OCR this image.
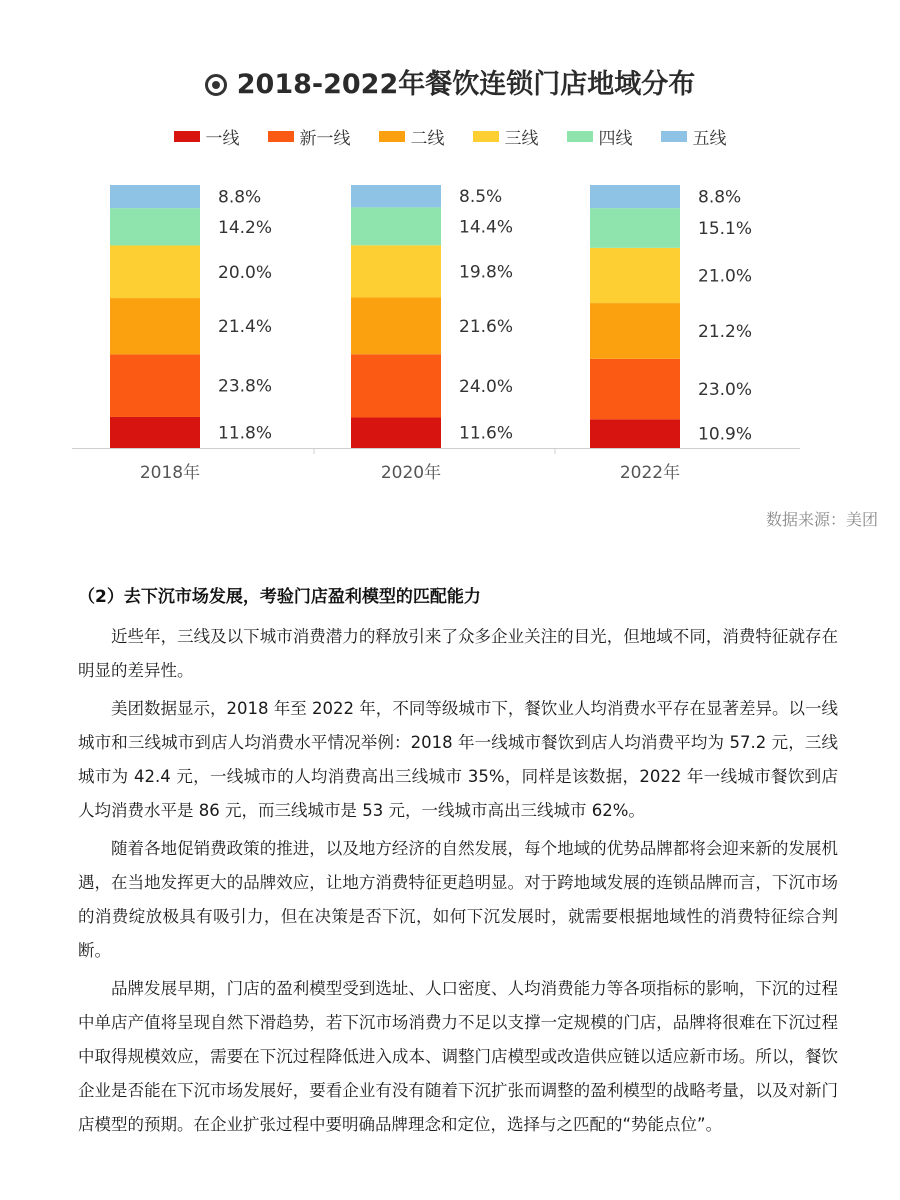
2018-2022年餐饮连锁门店地域分布
一线	新一线	二线	三线	四线	五线
11.8%
23.8%
21.4%
20.0%
14.2%
8.8%
2018年
11.6%
24.0%
21.6%
19.8%
14.4%
8.5%
2020年
10.9%
23.0%
21.2%
21.0%
15.1%
8.8%
2022年
数据来源：美团
（2）去下沉市场发展，考验门店盈利模型的匹配能力

近些年，三线及以下城市消费潜力的释放引来了众多企业关注的目光，但地域不同，消费特征就存在明显的差异性。

美团数据显示，2018 年至 2022 年，不同等级城市下，餐饮业人均消费水平存在显著差异。以一线城市和三线城市到店人均消费水平情况举例：2018 年一线城市餐饮到店人均消费平均为 57.2 元，三线城市为 42.4 元，一线城市的人均消费高出三线城市 35%，同样是该数据，2022 年一线城市餐饮到店人均消费水平是 86 元，而三线城市是 53 元，一线城市高出三线城市 62%。

随着各地促销费政策的推进，以及地方经济的自然发展，每个地域的优势品牌都将会迎来新的发展机遇，在当地发挥更大的品牌效应，让地方消费特征更趋明显。对于跨地域发展的连锁品牌而言，下沉市场的消费绽放极具有吸引力，但在决策是否下沉，如何下沉发展时，就需要根据地域性的消费特征综合判断。

品牌发展早期，门店的盈利模型受到选址、人口密度、人均消费能力等各项指标的影响，下沉的过程中单店产值将呈现自然下滑趋势，若下沉市场消费力不足以支撑一定规模的门店，品牌将很难在下沉过程中取得规模效应，需要在下沉过程降低进入成本、调整门店模型或改造供应链以适应新市场。所以，餐饮企业是否能在下沉市场发展好，要看企业有没有随着下沉扩张而调整的盈利模型的战略考量，以及对新门店模型的预期。在企业扩张过程中要明确品牌理念和定位，选择与之匹配的“势能点位”。
